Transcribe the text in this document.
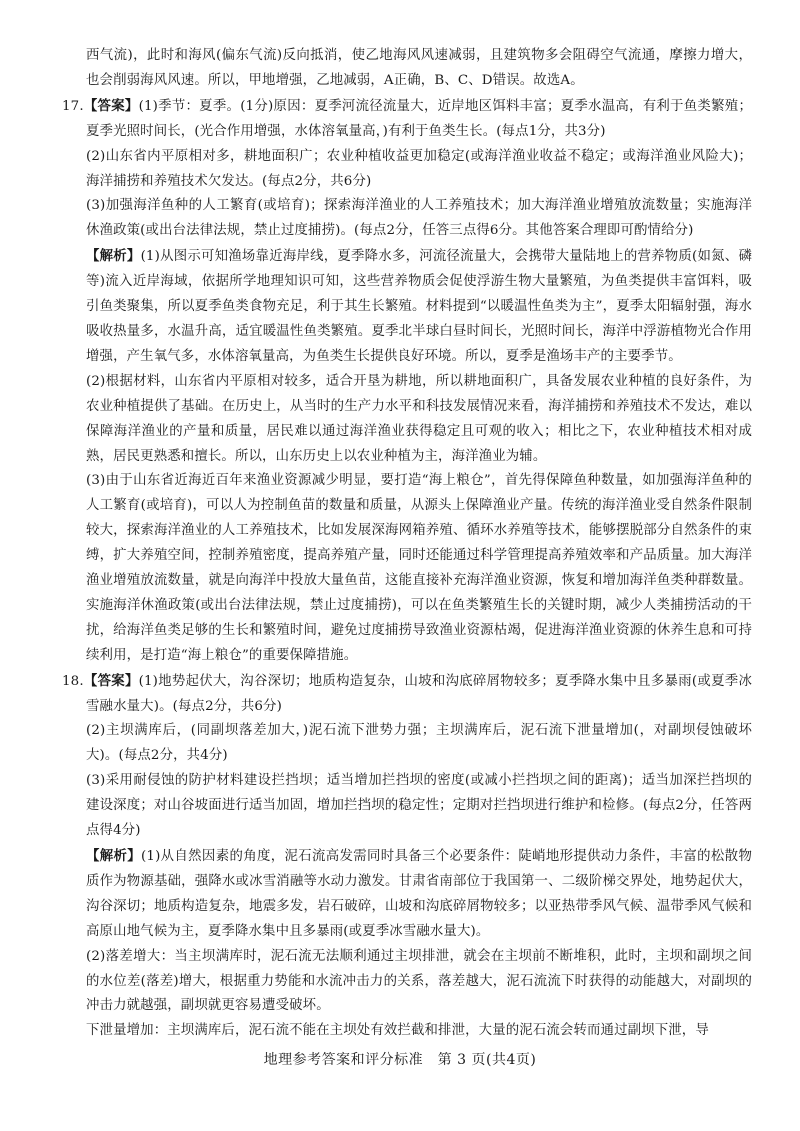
西气流)，此时和海风(偏东气流)反向抵消，使乙地海风风速减弱，且建筑物多会阻碍空气流通，摩擦力增大，也会削弱海风风速。所以，甲地增强，乙地减弱，A正确，B、C、D错误。故选A。

17.【答案】(1)季节：夏季。(1分)原因：夏季河流径流量大，近岸地区饵料丰富；夏季水温高，有利于鱼类繁殖；夏季光照时间长，(光合作用增强，水体溶氧量高，)有利于鱼类生长。(每点1分，共3分)

(2)山东省内平原相对多，耕地面积广；农业种植收益更加稳定(或海洋渔业收益不稳定；或海洋渔业风险大)；海洋捕捞和养殖技术欠发达。(每点2分，共6分)

(3)加强海洋鱼种的人工繁育(或培育)；探索海洋渔业的人工养殖技术；加大海洋渔业增殖放流数量；实施海洋休渔政策(或出台法律法规，禁止过度捕捞)。(每点2分，任答三点得6分。其他答案合理即可酌情给分)

【解析】(1)从图示可知渔场靠近海岸线，夏季降水多，河流径流量大，会携带大量陆地上的营养物质(如氮、磷等)流入近岸海域，依据所学地理知识可知，这些营养物质会促使浮游生物大量繁殖，为鱼类提供丰富饵料，吸引鱼类聚集，所以夏季鱼类食物充足，利于其生长繁殖。材料提到“以暖温性鱼类为主”，夏季太阳辐射强，海水吸收热量多，水温升高，适宜暖温性鱼类繁殖。夏季北半球白昼时间长，光照时间长，海洋中浮游植物光合作用增强，产生氧气多，水体溶氧量高，为鱼类生长提供良好环境。所以，夏季是渔场丰产的主要季节。

(2)根据材料，山东省内平原相对较多，适合开垦为耕地，所以耕地面积广，具备发展农业种植的良好条件，为农业种植提供了基础。在历史上，从当时的生产力水平和科技发展情况来看，海洋捕捞和养殖技术不发达，难以保障海洋渔业的产量和质量，居民难以通过海洋渔业获得稳定且可观的收入；相比之下，农业种植技术相对成熟，居民更熟悉和擅长。所以，山东历史上以农业种植为主，海洋渔业为辅。

(3)由于山东省近海近百年来渔业资源减少明显，要打造“海上粮仓”，首先得保障鱼种数量，如加强海洋鱼种的人工繁育(或培育)，可以人为控制鱼苗的数量和质量，从源头上保障渔业产量。传统的海洋渔业受自然条件限制较大，探索海洋渔业的人工养殖技术，比如发展深海网箱养殖、循环水养殖等技术，能够摆脱部分自然条件的束缚，扩大养殖空间，控制养殖密度，提高养殖产量，同时还能通过科学管理提高养殖效率和产品质量。加大海洋渔业增殖放流数量，就是向海洋中投放大量鱼苗，这能直接补充海洋渔业资源，恢复和增加海洋鱼类种群数量。实施海洋休渔政策(或出台法律法规，禁止过度捕捞)，可以在鱼类繁殖生长的关键时期，减少人类捕捞活动的干扰，给海洋鱼类足够的生长和繁殖时间，避免过度捕捞导致渔业资源枯竭，促进海洋渔业资源的休养生息和可持续利用，是打造“海上粮仓”的重要保障措施。

18.【答案】(1)地势起伏大，沟谷深切；地质构造复杂，山坡和沟底碎屑物较多；夏季降水集中且多暴雨(或夏季冰雪融水量大)。(每点2分，共6分)

(2)主坝满库后，(同副坝落差加大，)泥石流下泄势力强；主坝满库后，泥石流下泄量增加(，对副坝侵蚀破坏大)。(每点2分，共4分)

(3)采用耐侵蚀的防护材料建设拦挡坝；适当增加拦挡坝的密度(或减小拦挡坝之间的距离)；适当加深拦挡坝的建设深度；对山谷坡面进行适当加固，增加拦挡坝的稳定性；定期对拦挡坝进行维护和检修。(每点2分，任答两点得4分)

【解析】(1)从自然因素的角度，泥石流高发需同时具备三个必要条件：陡峭地形提供动力条件，丰富的松散物质作为物源基础，强降水或冰雪消融等水动力激发。甘肃省南部位于我国第一、二级阶梯交界处，地势起伏大，沟谷深切；地质构造复杂，地震多发，岩石破碎，山坡和沟底碎屑物较多；以亚热带季风气候、温带季风气候和高原山地气候为主，夏季降水集中且多暴雨(或夏季冰雪融水量大)。

(2)落差增大：当主坝满库时，泥石流无法顺利通过主坝排泄，就会在主坝前不断堆积，此时，主坝和副坝之间的水位差(落差)增大，根据重力势能和水流冲击力的关系，落差越大，泥石流流下时获得的动能越大，对副坝的冲击力就越强，副坝就更容易遭受破坏。

下泄量增加：主坝满库后，泥石流不能在主坝处有效拦截和排泄，大量的泥石流会转而通过副坝下泄，导

地理参考答案和评分标准　第 3 页(共4页)
